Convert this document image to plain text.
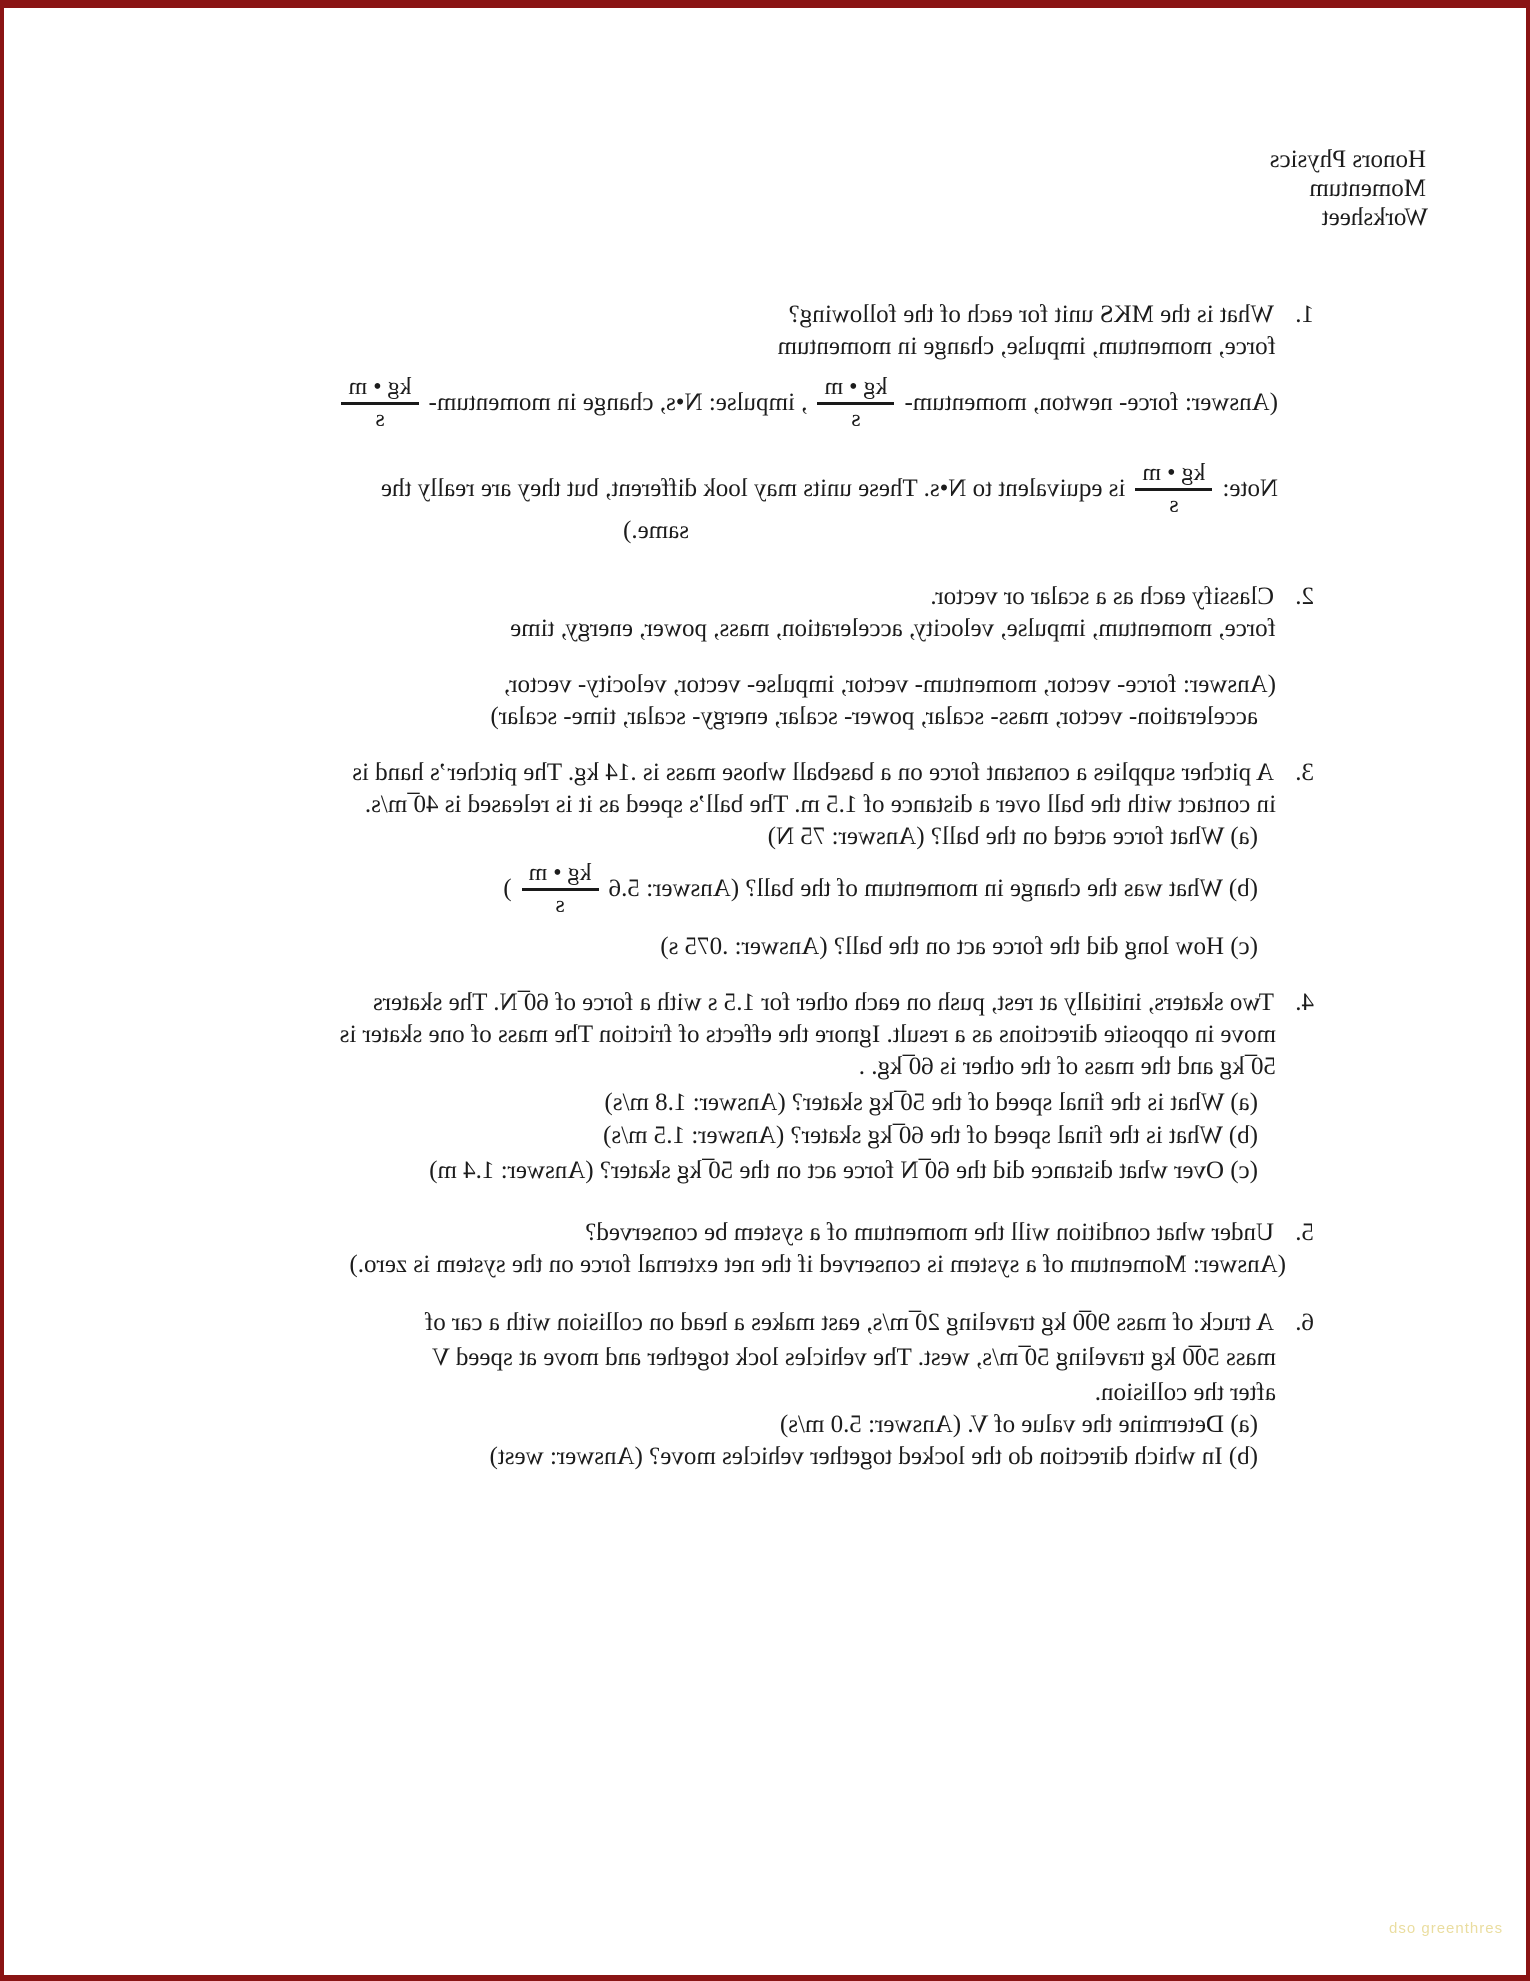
Honors Physics
Momentum
Worksheet
1.What is the MKS unit for each of the following?
force, momentum, impulse, change in momentum
(Answer: force- newton, momentum-
$\frac{kg • m}{s}$
, impulse: N•s, change in momentum-
$\frac{kg • m}{s}$
Note:
$\frac{kg • m}{s}$
is equivalent to N•s. These units may look different, but they are really the
same.)
2.Classify each as a scalar or vector.
force, momentum, impulse, velocity, acceleration, mass, power, energy, time
(Answer: force- vector, momentum- vector, impulse- vector, velocity- vector,
acceleration- vector, mass- scalar, power- scalar, energy- scalar, time- scalar)
3.A pitcher supplies a constant force on a baseball whose mass is .14 kg. The pitcher’s hand is
in contact with the ball over a distance of 1.5 m. The ball’s speed as it is released is 40̅ m/s.
(a) What force acted on the ball? (Answer: 75 N)
(b) What was the change in momentum of the ball? (Answer: 5.6
$\frac{kg • m}{s}$
)
(c) How long did the force act on the ball? (Answer: .075 s)
4.Two skaters, initially at rest, push on each other for 1.5 s with a force of 60̅ N. The skaters
move in opposite directions as a result. Ignore the effects of friction The mass of one skater is
50̅ kg and the mass of the other is 60̅ kg. .
(a) What is the final speed of the 50̅ kg skater? (Answer: 1.8 m/s)
(b) What is the final speed of the 60̅ kg skater? (Answer: 1.5 m/s)
(c) Over what distance did the 60̅ N force act on the 50̅ kg skater? (Answer: 1.4 m)
5.Under what condition will the momentum of a system be conserved?
(Answer: Momentum of a system is conserved if the net external force on the system is zero.)
6.A truck of mass 90̅0 kg traveling 20̅ m/s, east makes a head on collision with a car of
mass 50̅0 kg traveling 50̅ m/s, west. The vehicles lock together and move at speed V
after the collision.
(a) Determine the value of V. (Answer: 5.0 m/s)
(b) In which direction do the locked together vehicles move? (Answer: west)
dso greenthres
